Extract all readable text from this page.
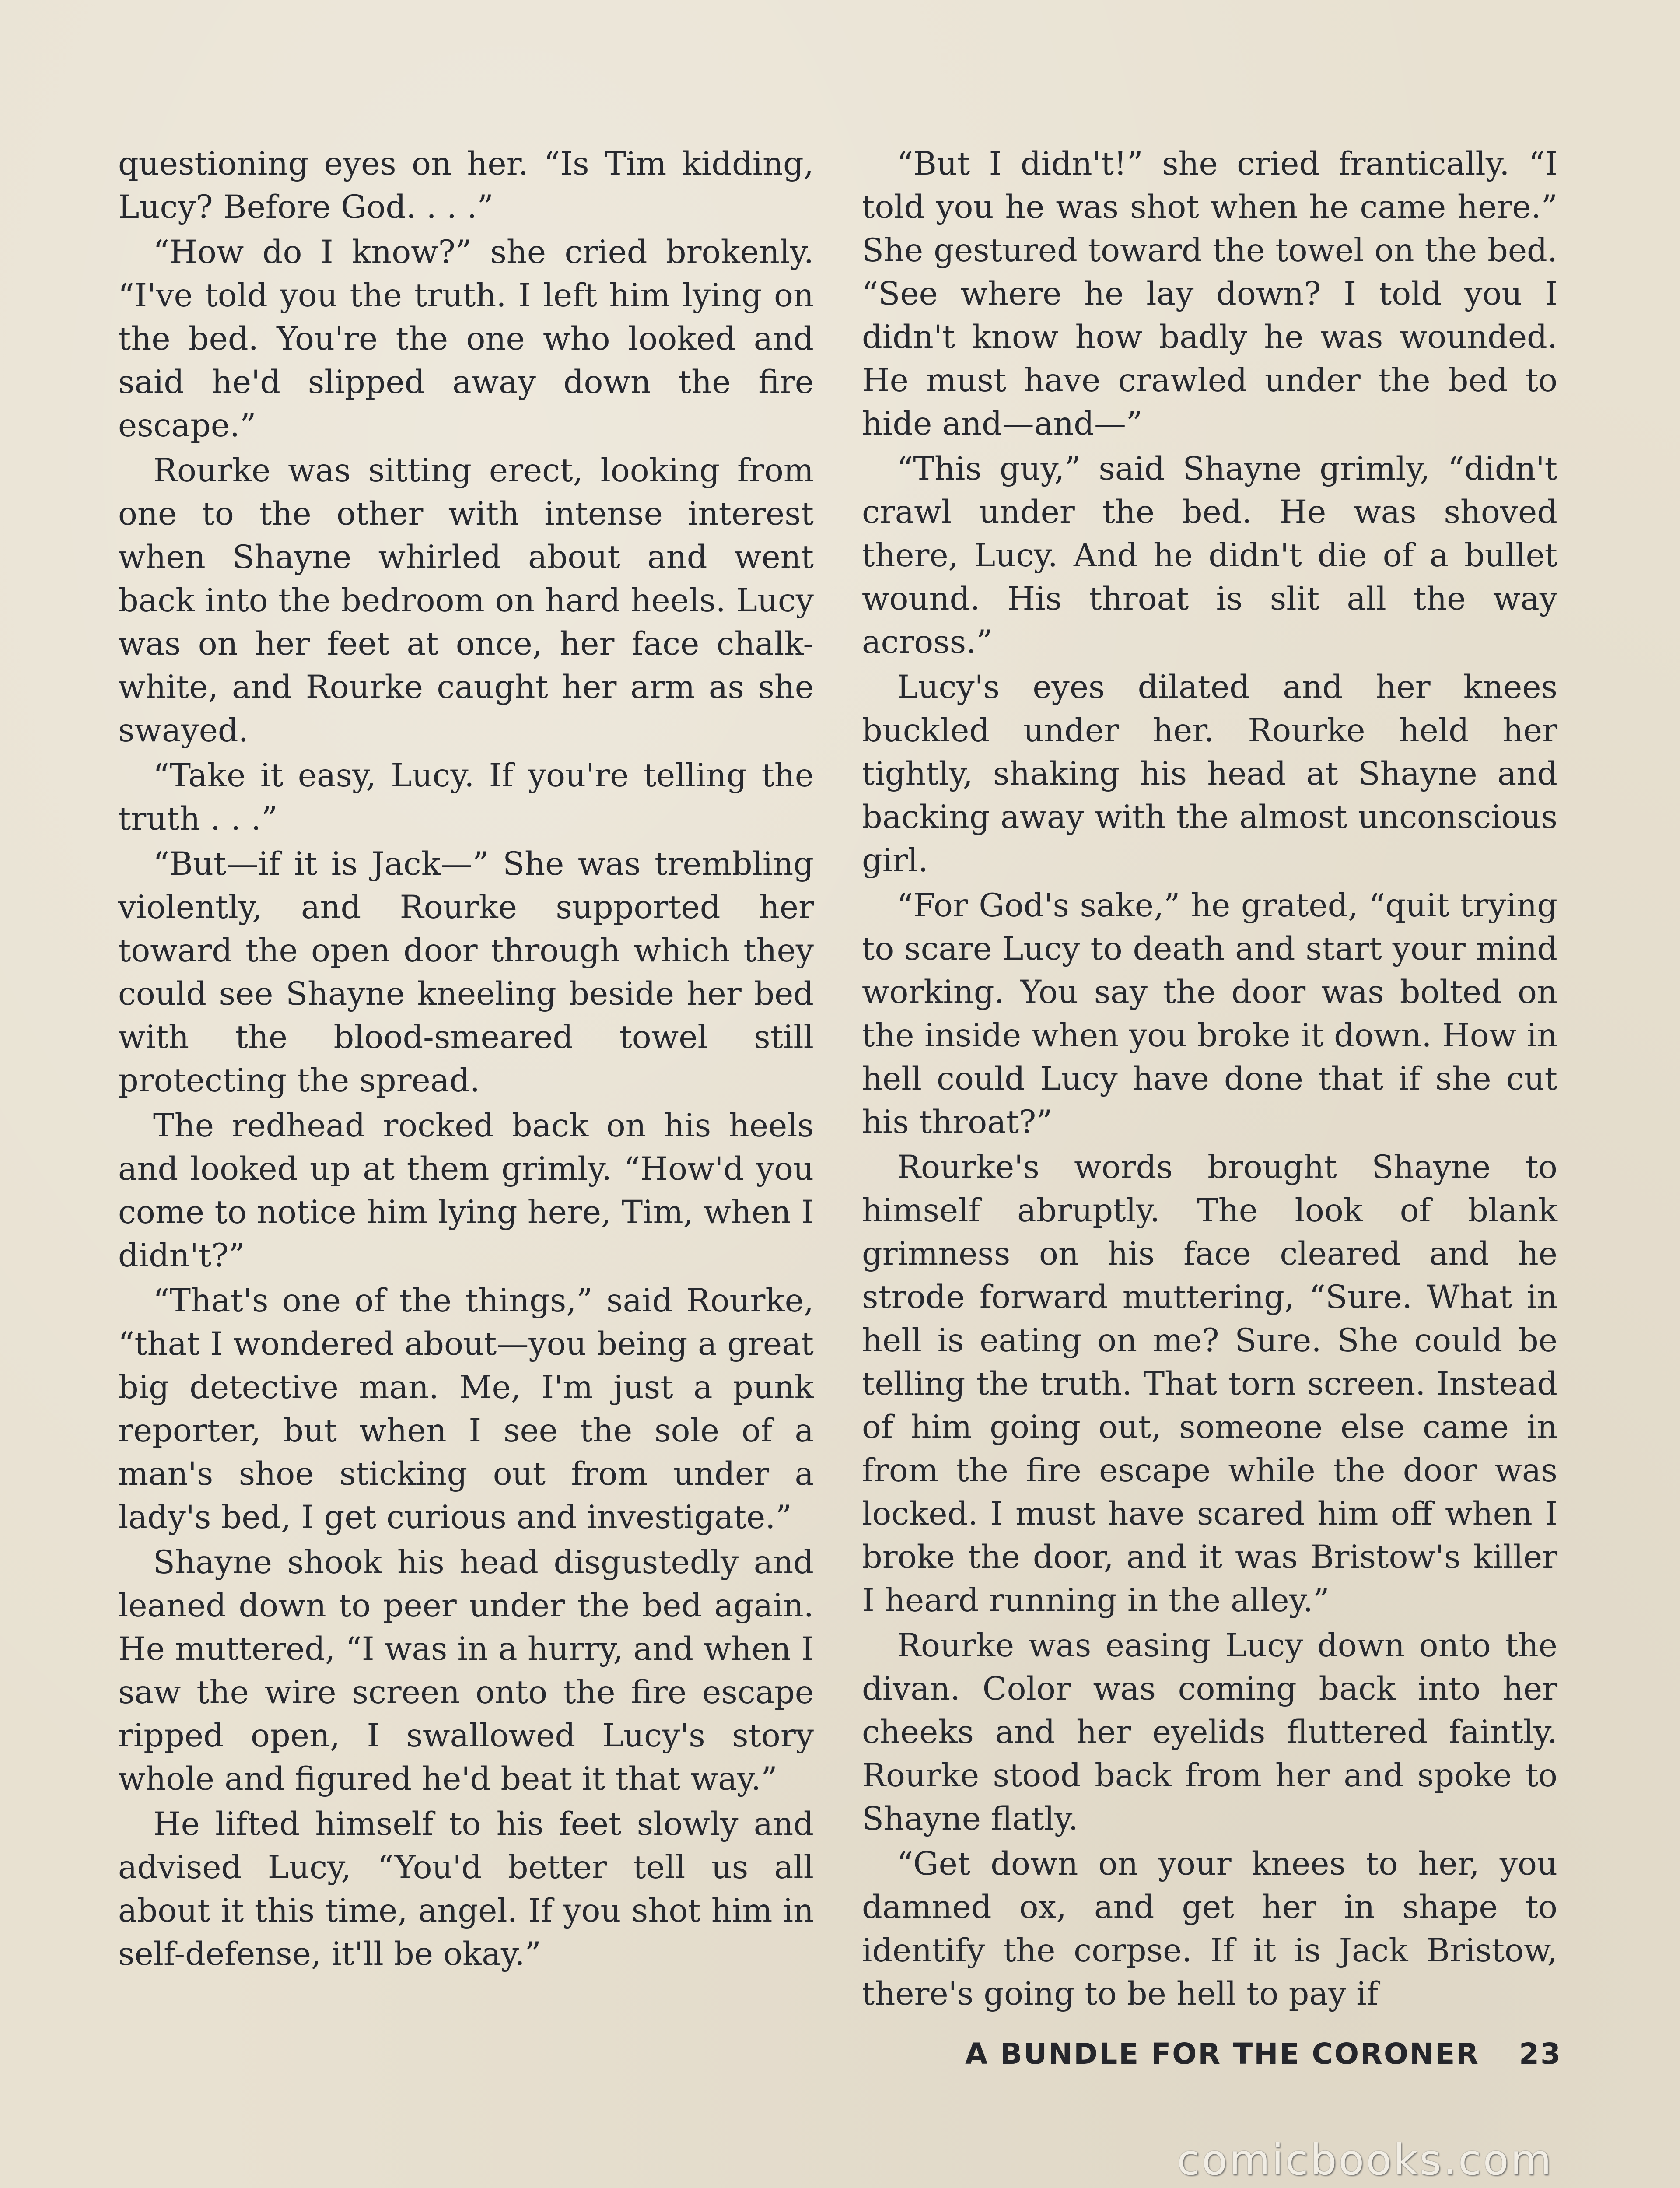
questioning eyes on her. “Is Tim kidding, Lucy? Before God. . . .”

“How do I know?” she cried brokenly. “I've told you the truth. I left him lying on the bed. You're the one who looked and said he'd slipped away down the fire escape.”

Rourke was sitting erect, looking from one to the other with intense interest when Shayne whirled about and went back into the bedroom on hard heels. Lucy was on her feet at once, her face chalk-white, and Rourke caught her arm as she swayed.

“Take it easy, Lucy. If you're telling the truth . . .”

“But—if it is Jack—” She was trembling violently, and Rourke supported her toward the open door through which they could see Shayne kneeling beside her bed with the blood-smeared towel still protecting the spread.

The redhead rocked back on his heels and looked up at them grimly. “How'd you come to notice him lying here, Tim, when I didn't?”

“That's one of the things,” said Rourke, “that I wondered about—you being a great big detective man. Me, I'm just a punk reporter, but when I see the sole of a man's shoe sticking out from under a lady's bed, I get curious and investigate.”

Shayne shook his head disgustedly and leaned down to peer under the bed again. He muttered, “I was in a hurry, and when I saw the wire screen onto the fire escape ripped open, I swallowed Lucy's story whole and figured he'd beat it that way.”

He lifted himself to his feet slowly and advised Lucy, “You'd better tell us all about it this time, angel. If you shot him in self-defense, it'll be okay.”

“But I didn't!” she cried frantically. “I told you he was shot when he came here.” She gestured toward the towel on the bed. “See where he lay down? I told you I didn't know how badly he was wounded. He must have crawled under the bed to hide and—and—”

“This guy,” said Shayne grimly, “didn't crawl under the bed. He was shoved there, Lucy. And he didn't die of a bullet wound. His throat is slit all the way across.”

Lucy's eyes dilated and her knees buckled under her. Rourke held her tightly, shaking his head at Shayne and backing away with the almost unconscious girl.

“For God's sake,” he grated, “quit trying to scare Lucy to death and start your mind working. You say the door was bolted on the inside when you broke it down. How in hell could Lucy have done that if she cut his throat?”

Rourke's words brought Shayne to himself abruptly. The look of blank grimness on his face cleared and he strode forward muttering, “Sure. What in hell is eating on me? Sure. She could be telling the truth. That torn screen. Instead of him going out, someone else came in from the fire escape while the door was locked. I must have scared him off when I broke the door, and it was Bristow's killer I heard running in the alley.”

Rourke was easing Lucy down onto the divan. Color was coming back into her cheeks and her eyelids fluttered faintly. Rourke stood back from her and spoke to Shayne flatly.

“Get down on your knees to her, you damned ox, and get her in shape to identify the corpse. If it is Jack Bristow, there's going to be hell to pay if

A BUNDLE FOR THE CORONER 23
comicbooks.com
